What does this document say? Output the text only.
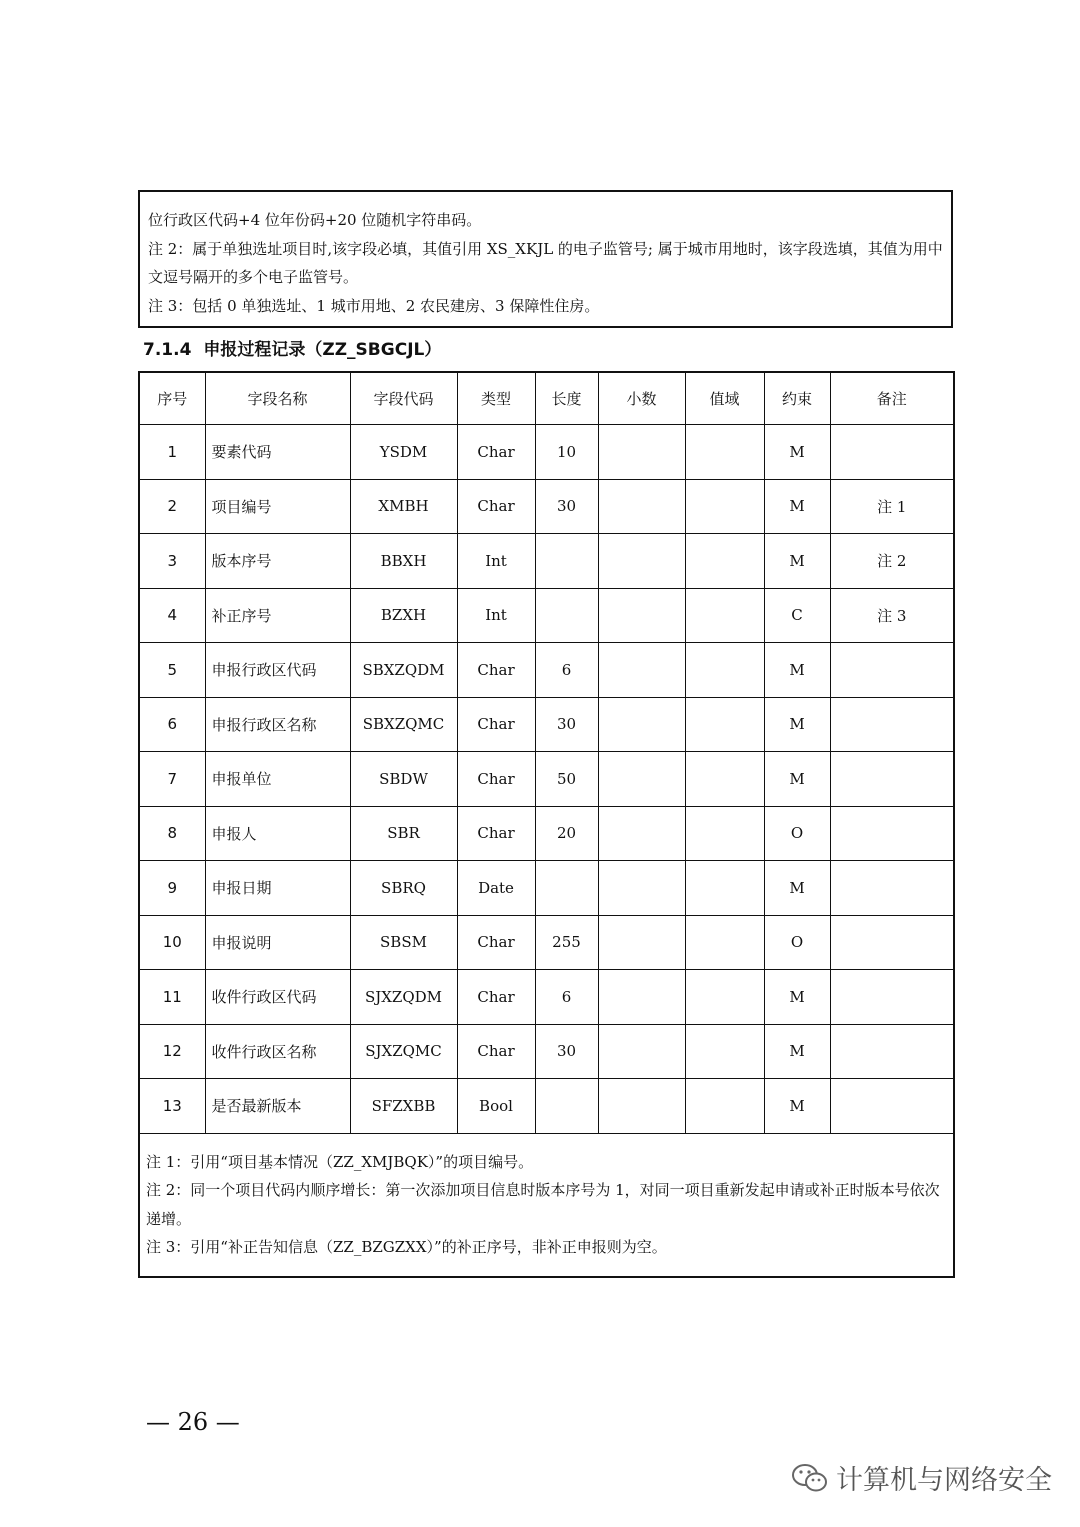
位行政区代码+4 位年份码+20 位随机字符串码。

注 2：属于单独选址项目时,该字段必填，其值引用 XS_XKJL 的电子监管号; 属于城市用地时，该字段选填，其值为用中文逗号隔开的多个电子监管号。

注 3：包括 0 单独选址、1 城市用地、2 农民建房、3 保障性住房。

7.1.4 申报过程记录（ZZ_SBGCJL）
序号	字段名称	字段代码	类型	长度	小数	值域	约束	备注
1	要素代码	YSDM	Char	10			M	
2	项目编号	XMBH	Char	30			M	注 1
3	版本序号	BBXH	Int				M	注 2
4	补正序号	BZXH	Int				C	注 3
5	申报行政区代码	SBXZQDM	Char	6			M	
6	申报行政区名称	SBXZQMC	Char	30			M	
7	申报单位	SBDW	Char	50			M	
8	申报人	SBR	Char	20			O	
9	申报日期	SBRQ	Date				M	
10	申报说明	SBSM	Char	255			O	
11	收件行政区代码	SJXZQDM	Char	6			M	
12	收件行政区名称	SJXZQMC	Char	30			M	
13	是否最新版本	SFZXBB	Bool				M	

注 1：引用“项目基本情况（ZZ_XMJBQK）”的项目编号。

注 2：同一个项目代码内顺序增长：第一次添加项目信息时版本序号为 1，对同一项目重新发起申请或补正时版本号依次递增。

注 3：引用“补正告知信息（ZZ_BZGZXX）”的补正序号，非补正申报则为空。								

— 26 —
计算机与网络安全
